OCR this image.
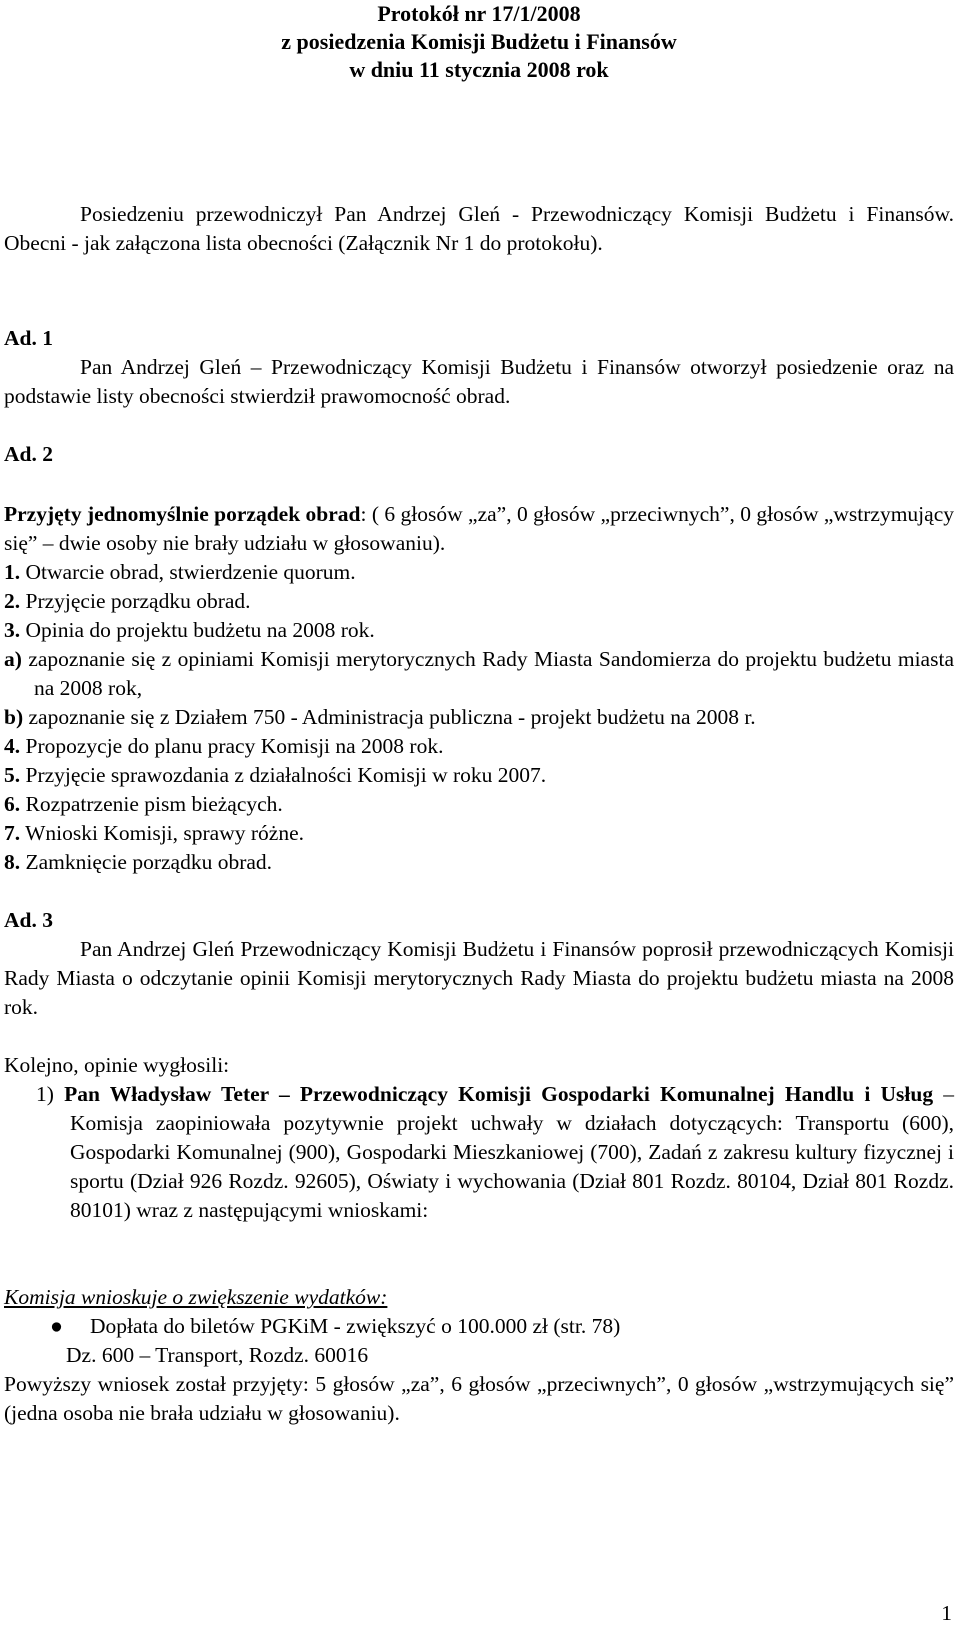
Protokół nr 17/1/2008
z posiedzenia Komisji Budżetu i Finansów
w dniu 11 stycznia 2008 rok

Posiedzeniu przewodniczył Pan Andrzej Gleń - Przewodniczący Komisji Budżetu i Finansów. Obecni - jak załączona lista obecności (Załącznik Nr 1 do protokołu).

Ad. 1

Pan Andrzej Gleń – Przewodniczący Komisji Budżetu i Finansów otworzył posiedzenie oraz na podstawie listy obecności stwierdził prawomocność obrad.

Ad. 2

Przyjęty jednomyślnie porządek obrad: ( 6 głosów „za”, 0 głosów „przeciwnych”, 0 głosów „wstrzymujący się” – dwie osoby nie brały udziału w głosowaniu).

1. Otwarcie obrad, stwierdzenie quorum.
2. Przyjęcie porządku obrad.
3. Opinia do projektu budżetu na 2008 rok.

a) zapoznanie się z opiniami Komisji merytorycznych Rady Miasta Sandomierza do projektu budżetu miasta na 2008 rok,

b) zapoznanie się z Działem 750 - Administracja publiczna - projekt budżetu na 2008 r.
4. Propozycje do planu pracy Komisji na 2008 rok.
5. Przyjęcie sprawozdania z działalności Komisji w roku 2007.
6. Rozpatrzenie pism bieżących.
7. Wnioski Komisji, sprawy różne.
8. Zamknięcie porządku obrad.
Ad. 3

Pan Andrzej Gleń Przewodniczący Komisji Budżetu i Finansów poprosił przewodniczących Komisji Rady Miasta o odczytanie opinii Komisji merytorycznych Rady Miasta do projektu budżetu miasta na 2008 rok.

Kolejno, opinie wygłosili:

1) Pan Władysław Teter – Przewodniczący Komisji Gospodarki Komunalnej Handlu i Usług – Komisja zaopiniowała pozytywnie projekt uchwały w działach dotyczących: Transportu (600), Gospodarki Komunalnej (900), Gospodarki Mieszkaniowej (700), Zadań z zakresu kultury fizycznej i sportu (Dział 926 Rozdz. 92605), Oświaty i wychowania (Dział 801 Rozdz. 80104, Dział 801 Rozdz. 80101) wraz z następującymi wnioskami:

Komisja wnioskuje o zwiększenie wydatków:
● Dopłata do biletów PGKiM - zwiększyć o 100.000 zł (str. 78)
Dz. 600 – Transport, Rozdz. 60016

Powyższy wniosek został przyjęty: 5 głosów „za”, 6 głosów „przeciwnych”, 0 głosów „wstrzymujących się” (jedna osoba nie brała udziału w głosowaniu).

1
